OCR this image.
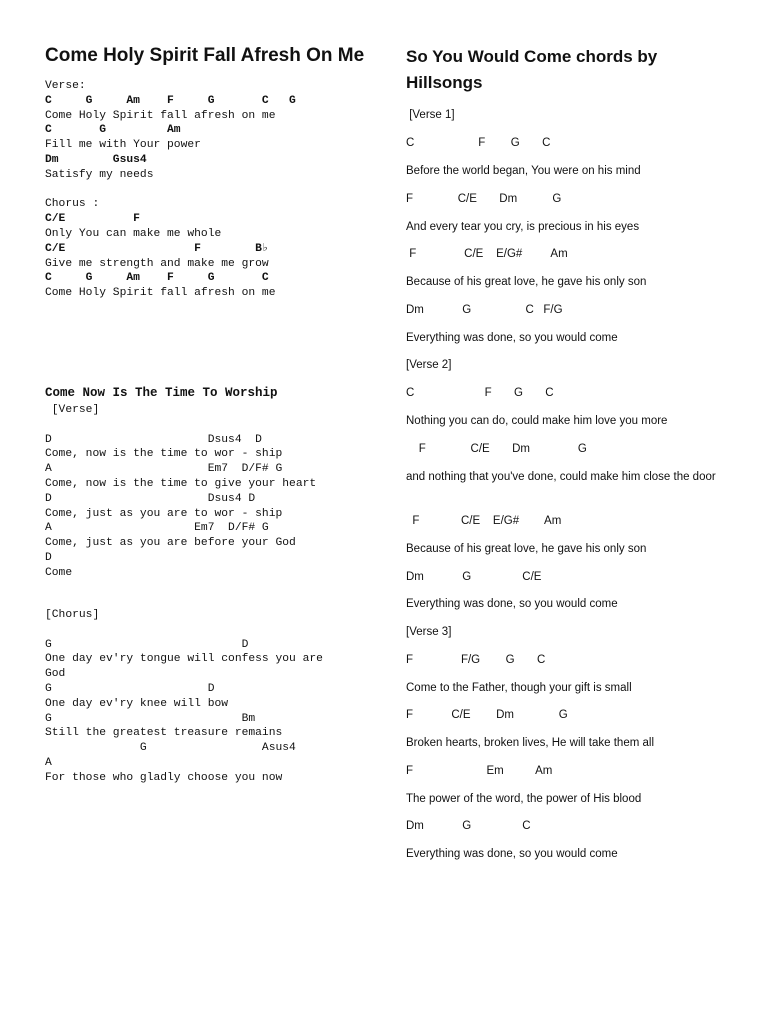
Come Holy Spirit Fall Afresh On Me
Verse:
C     G     Am    F     G       C   G
Come Holy Spirit fall afresh on me
C       G         Am
Fill me with Your power
Dm        Gsus4
Satisfy my needs

Chorus :
C/E          F
Only You can make me whole
C/E                   F        B♭
Give me strength and make me grow
C     G     Am    F     G       C
Come Holy Spirit fall afresh on me
Come Now Is The Time To Worship
[Verse]

D                       Dsus4  D
Come, now is the time to wor - ship
A                       Em7  D/F# G
Come, now is the time to give your heart
D                       Dsus4 D
Come, just as you are to wor - ship
A                     Em7  D/F# G
Come, just as you are before your God
D
Come
[Chorus]

G                            D
One day ev'ry tongue will confess you are
God
G                       D
One day ev'ry knee will bow
G                            Bm
Still the greatest treasure remains
G                 Asus4
A
For those who gladly choose you now
So You Would Come chords by Hillsongs
[Verse 1]
C                    F        G       C
Before the world began, You were on his mind
F              C/E       Dm           G
And every tear you cry, is precious in his eyes
F               C/E    E/G#         Am
Because of his great love, he gave his only son
Dm            G                 C   F/G
Everything was done, so you would come
[Verse 2]
C                      F       G       C
Nothing you can do, could make him love you more
F              C/E       Dm               G
and nothing that you've done, could make him close the door
F             C/E    E/G#        Am
Because of his great love, he gave his only son
Dm            G                C/E
Everything was done, so you would come
[Verse 3]
F               F/G        G       C
Come to the Father, though your gift is small
F            C/E        Dm              G
Broken hearts, broken lives, He will take them all
F                       Em          Am
The power of the word, the power of His blood
Dm            G                C
Everything was done, so you would come
